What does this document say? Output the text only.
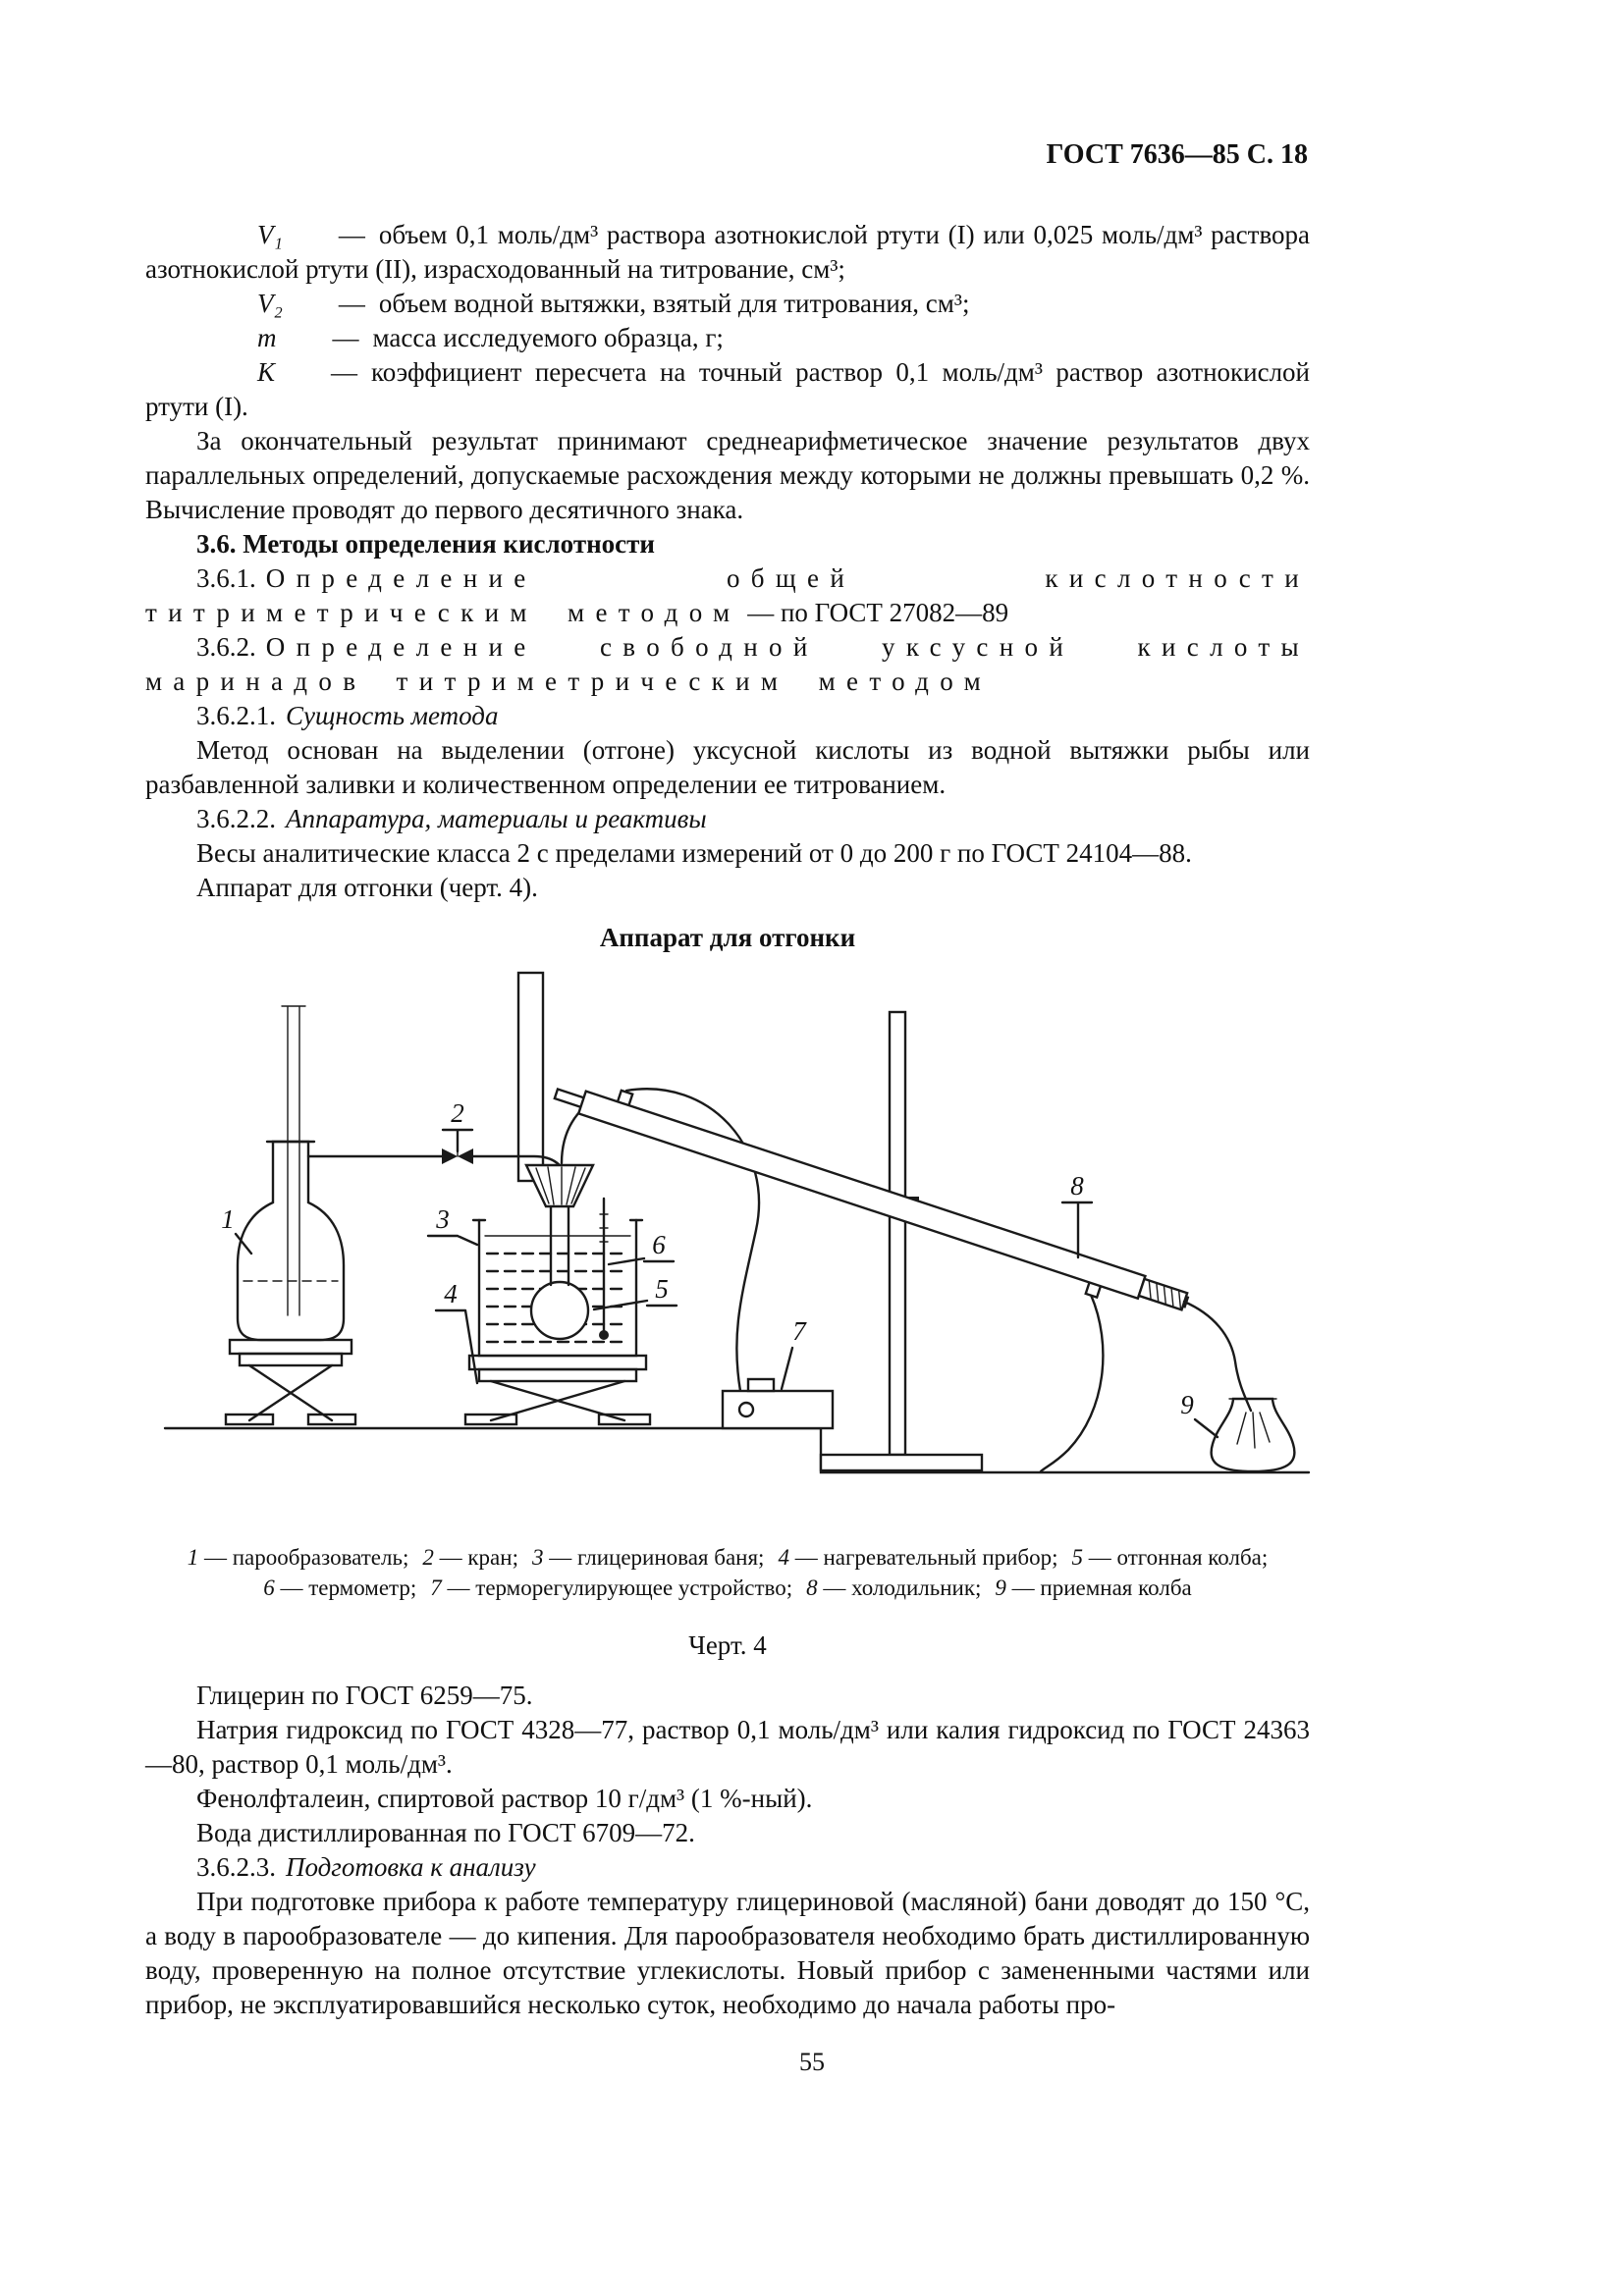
ГОСТ 7636—85 С. 18

V₁ — объем 0,1 моль/дм³ раствора азотнокислой ртути (I) или 0,025 моль/дм³ раствора азотнокислой ртути (II), израсходованный на титрование, см³;

V₂ — объем водной вытяжки, взятый для титрования, см³;

m — масса исследуемого образца, г;

K — коэффициент пересчета на точный раствор 0,1 моль/дм³ раствор азотнокислой ртути (I).

За окончательный результат принимают среднеарифметическое значение результатов двух параллельных определений, допускаемые расхождения между которыми не должны превышать 0,2 %. Вычисление проводят до первого десятичного знака.

3.6. Методы определения кислотности

3.6.1. Определение общей кислотности титриметрическим методом — по ГОСТ 27082—89

3.6.2. Определение свободной уксусной кислоты маринадов титриметрическим методом

3.6.2.1. Сущность метода

Метод основан на выделении (отгоне) уксусной кислоты из водной вытяжки рыбы или разбавленной заливки и количественном определении ее титрованием.

3.6.2.2. Аппаратура, материалы и реактивы

Весы аналитические класса 2 с пределами измерений от 0 до 200 г по ГОСТ 24104—88.

Аппарат для отгонки (черт. 4).

Аппарат для отгонки

1
2
3
4	5
6
7
8
9

1 — парообразователь; 2 — кран; 3 — глицериновая баня; 4 — нагревательный прибор; 5 — отгонная колба;
6 — термометр; 7 — терморегулирующее устройство; 8 — холодильник; 9 — приемная колба

Черт. 4

Глицерин по ГОСТ 6259—75.

Натрия гидроксид по ГОСТ 4328—77, раствор 0,1 моль/дм³ или калия гидроксид по ГОСТ 24363—80, раствор 0,1 моль/дм³.

Фенолфталеин, спиртовой раствор 10 г/дм³ (1 %-ный).

Вода дистиллированная по ГОСТ 6709—72.

3.6.2.3. Подготовка к анализу

При подготовке прибора к работе температуру глицериновой (масляной) бани доводят до 150 °С, а воду в парообразователе — до кипения. Для парообразователя необходимо брать дистиллированную воду, проверенную на полное отсутствие углекислоты. Новый прибор с замененными частями или прибор, не эксплуатировавшийся несколько суток, необходимо до начала работы про-

55
